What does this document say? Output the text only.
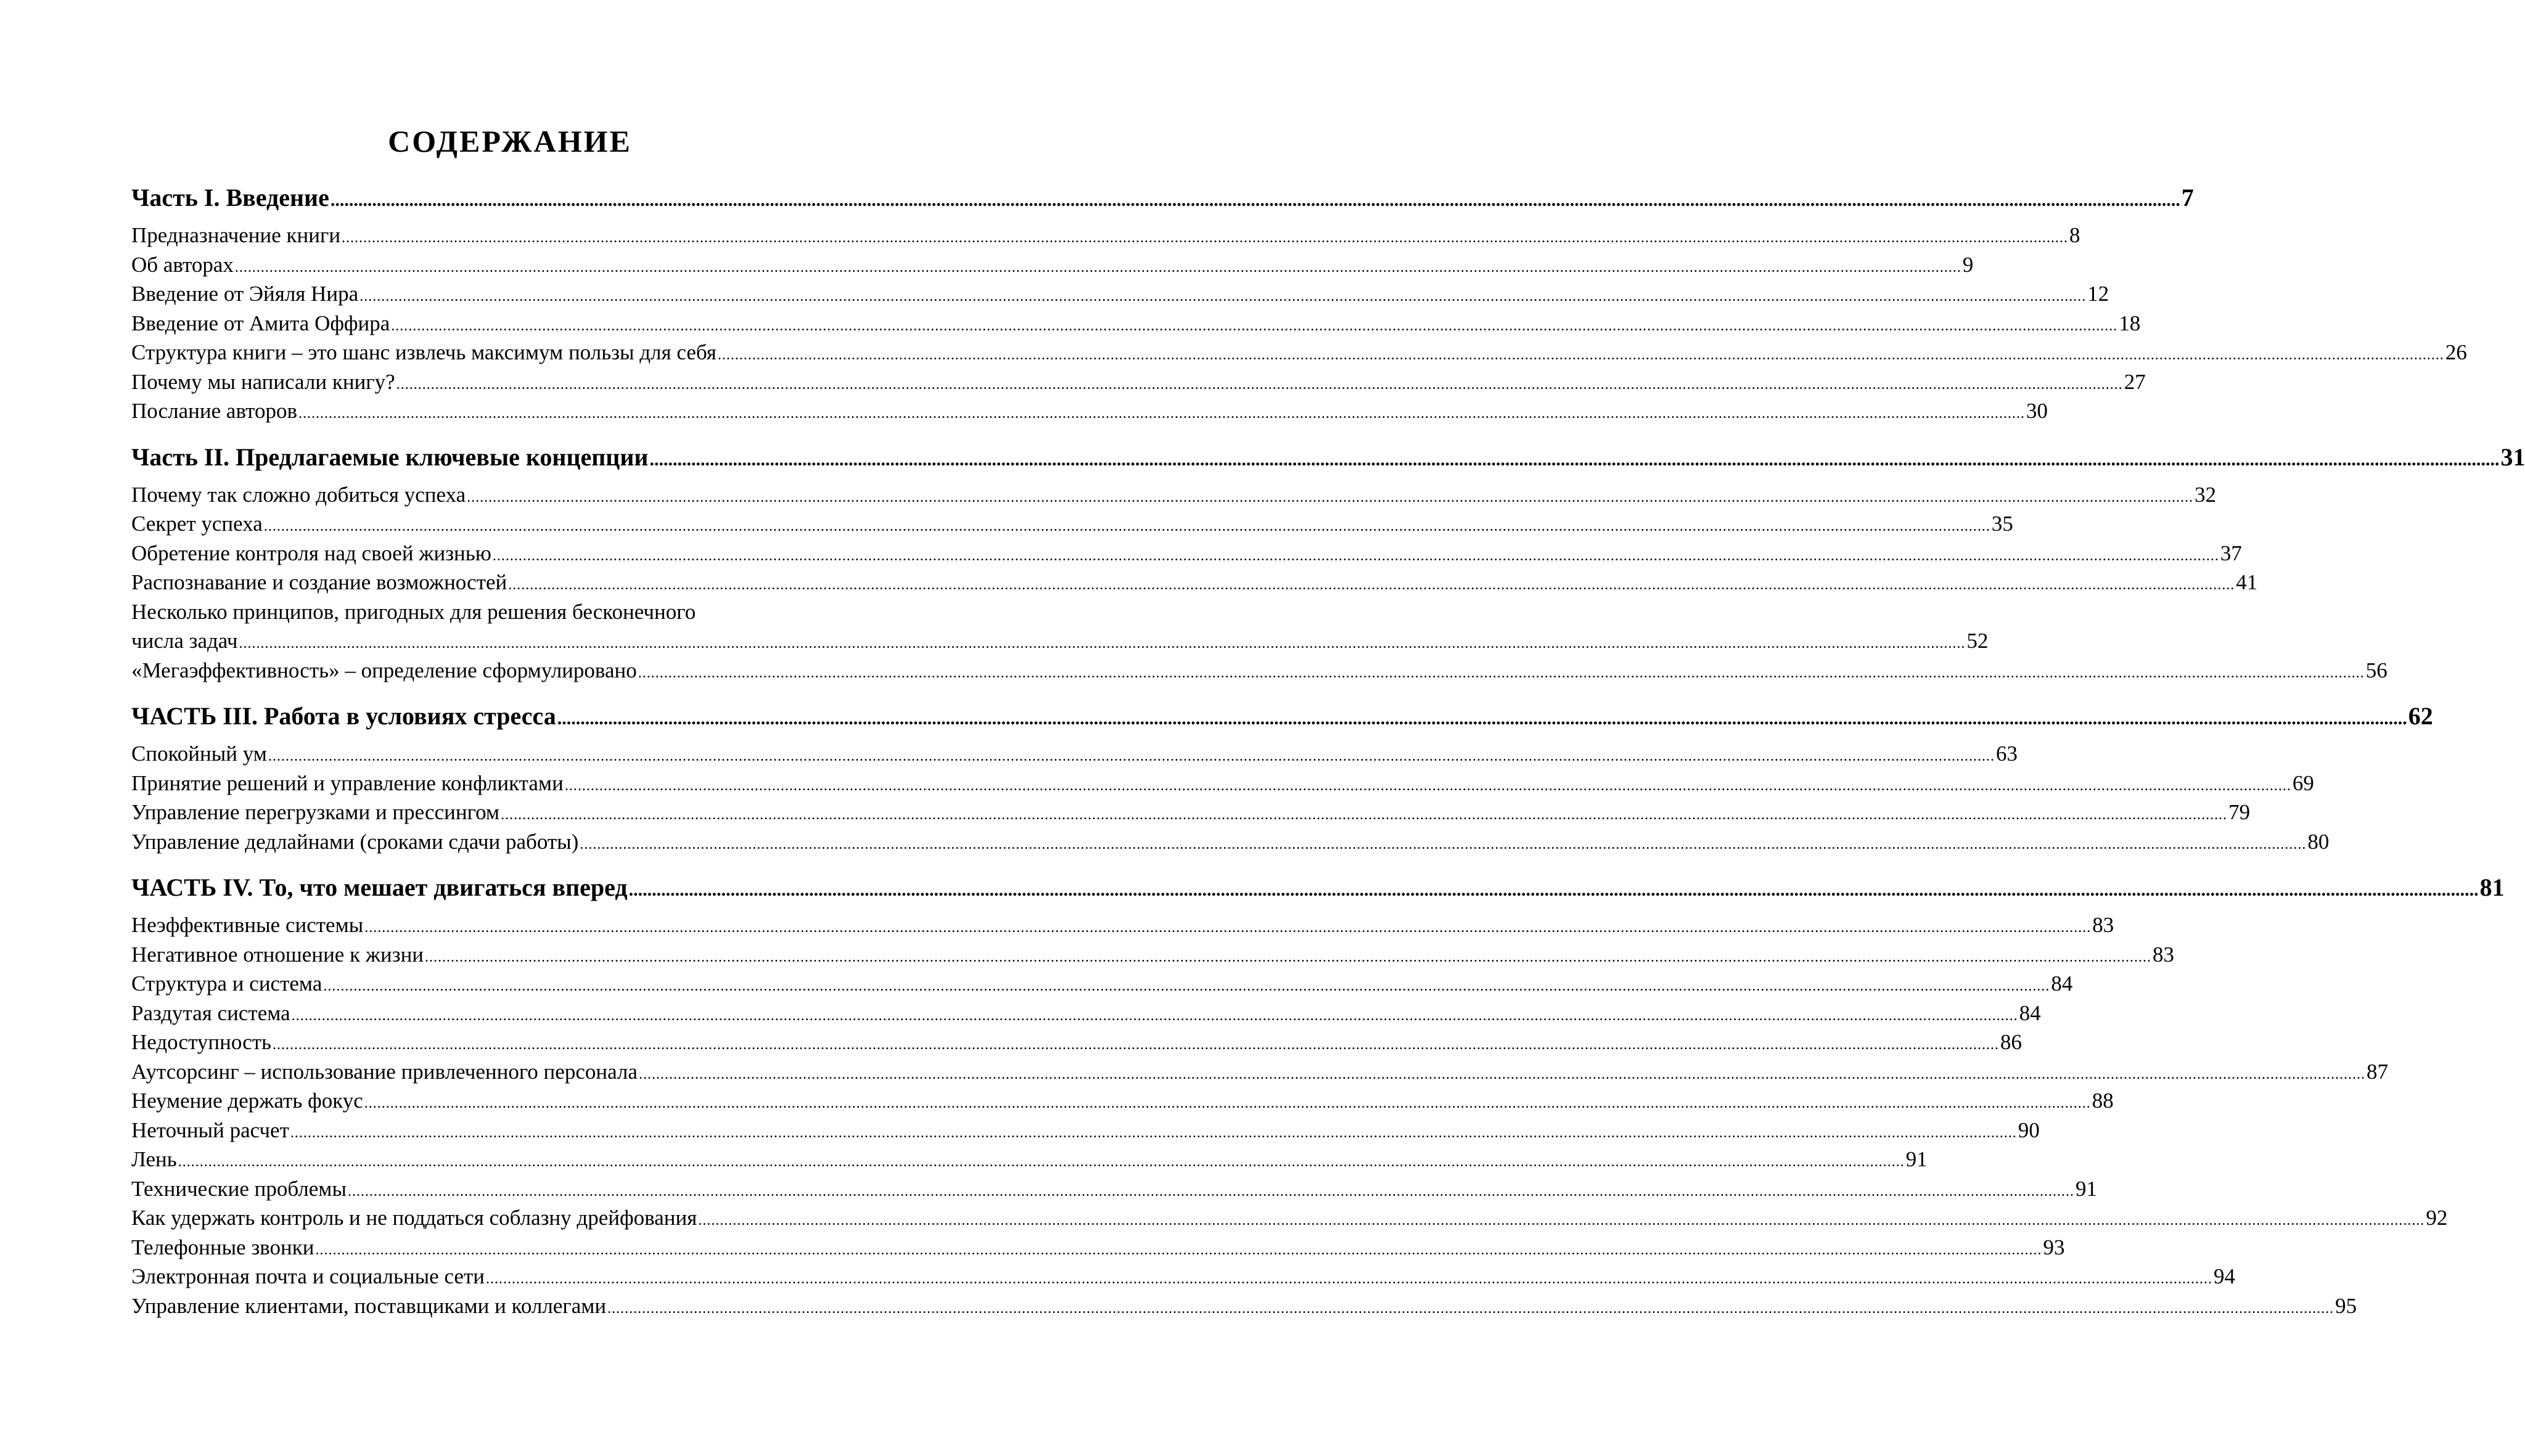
СОДЕРЖАНИЕ
Часть I. Введение ................................................................................................................................................................................................................................................................................................................................................................................................................ 7
Предназначение книги ................................................................................................................................................................................................................................................................................................................................................................................................................ 8
Об авторах ................................................................................................................................................................................................................................................................................................................................................................................................................ 9
Введение от Эйяля Нира ................................................................................................................................................................................................................................................................................................................................................................................................................ 12
Введение от Амита Оффира ................................................................................................................................................................................................................................................................................................................................................................................................................ 18
Структура книги – это шанс извлечь максимум пользы для себя ................................................................................................................................................................................................................................................................................................................................................................................................................ 26
Почему мы написали книгу? ................................................................................................................................................................................................................................................................................................................................................................................................................ 27
Послание авторов ................................................................................................................................................................................................................................................................................................................................................................................................................ 30
Часть II. Предлагаемые ключевые концепции ................................................................................................................................................................................................................................................................................................................................................................................................................ 31
Почему так сложно добиться успеха ................................................................................................................................................................................................................................................................................................................................................................................................................ 32
Секрет успеха ................................................................................................................................................................................................................................................................................................................................................................................................................ 35
Обретение контроля над своей жизнью ................................................................................................................................................................................................................................................................................................................................................................................................................ 37
Распознавание и создание возможностей ................................................................................................................................................................................................................................................................................................................................................................................................................ 41
Несколько принципов, пригодных для решения бесконечного
числа задач ................................................................................................................................................................................................................................................................................................................................................................................................................ 52
«Мегаэффективность» – определение сформулировано ................................................................................................................................................................................................................................................................................................................................................................................................................ 56
ЧАСТЬ III. Работа в условиях стресса ................................................................................................................................................................................................................................................................................................................................................................................................................ 62
Спокойный ум ................................................................................................................................................................................................................................................................................................................................................................................................................ 63
Принятие решений и управление конфликтами ................................................................................................................................................................................................................................................................................................................................................................................................................ 69
Управление перегрузками и прессингом ................................................................................................................................................................................................................................................................................................................................................................................................................ 79
Управление дедлайнами (сроками сдачи работы) ................................................................................................................................................................................................................................................................................................................................................................................................................ 80
ЧАСТЬ IV. То, что мешает двигаться вперед ................................................................................................................................................................................................................................................................................................................................................................................................................ 81
Неэффективные системы ................................................................................................................................................................................................................................................................................................................................................................................................................ 83
Негативное отношение к жизни ................................................................................................................................................................................................................................................................................................................................................................................................................ 83
Структура и система ................................................................................................................................................................................................................................................................................................................................................................................................................ 84
Раздутая система ................................................................................................................................................................................................................................................................................................................................................................................................................ 84
Недоступность ................................................................................................................................................................................................................................................................................................................................................................................................................ 86
Аутсорсинг – использование привлеченного персонала ................................................................................................................................................................................................................................................................................................................................................................................................................ 87
Неумение держать фокус ................................................................................................................................................................................................................................................................................................................................................................................................................ 88
Неточный расчет ................................................................................................................................................................................................................................................................................................................................................................................................................ 90
Лень ................................................................................................................................................................................................................................................................................................................................................................................................................ 91
Технические проблемы ................................................................................................................................................................................................................................................................................................................................................................................................................ 91
Как удержать контроль и не поддаться соблазну дрейфования ................................................................................................................................................................................................................................................................................................................................................................................................................ 92
Телефонные звонки ................................................................................................................................................................................................................................................................................................................................................................................................................ 93
Электронная почта и социальные сети ................................................................................................................................................................................................................................................................................................................................................................................................................ 94
Управление клиентами, поставщиками и коллегами ................................................................................................................................................................................................................................................................................................................................................................................................................ 95
